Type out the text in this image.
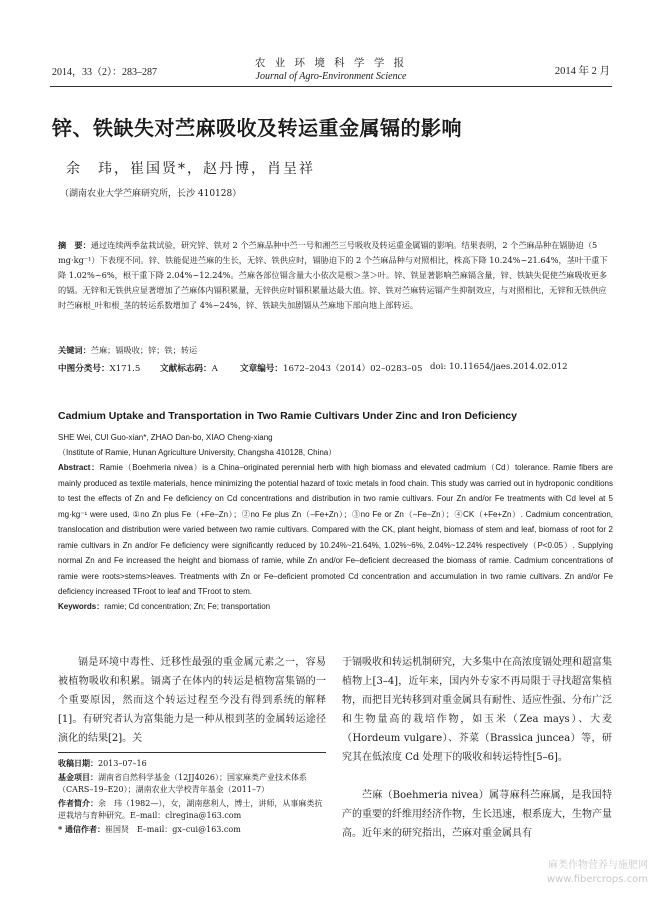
2014，33（2）：283–287
农 业 环 境 科 学 学 报
Journal of Agro-Environment Science	2014 年 2 月
锌、铁缺失对苎麻吸收及转运重金属镉的影响
余　玮，崔国贤*，赵丹博，肖呈祥
（湖南农业大学苎麻研究所，长沙 410128）
摘　要：通过连续两季盆栽试验，研究锌、铁对 2 个苎麻品种中苎一号和湘苎三号吸收及转运重金属镉的影响。结果表明，2 个苎麻品种在镉胁迫（5 mg·kg⁻¹）下表现不同。锌、铁能促进苎麻的生长，无锌、铁供应时，镉胁迫下的 2 个苎麻品种与对照相比，株高下降 10.24%~21.64%，茎叶干重下降 1.02%~6%，根干重下降 2.04%~12.24%。苎麻各部位镉含量大小依次是根＞茎＞叶。锌、铁显著影响苎麻镉含量，锌、铁缺失促使苎麻吸收更多的镉。无锌和无铁供应显著增加了苎麻体内镉积累量，无锌供应时镉积累量达最大值。锌、铁对苎麻转运镉产生抑制效应，与对照相比，无锌和无铁供应时苎麻根_叶和根_茎的转运系数增加了 4%~24%，锌、铁缺失加剧镉从苎麻地下部向地上部转运。
关键词：苎麻；镉吸收；锌；铁；转运
中图分类号：X171.5 文献标志码：A	文章编号：1672–2043（2014）02–0283–05 doi: 10.11654/jaes.2014.02.012
Cadmium Uptake and Transportation in Two Ramie Cultivars Under Zinc and Iron Deficiency
SHE Wei, CUI Guo-xian*, ZHAO Dan-bo, XIAO Cheng-xiang
（Institute of Ramie, Hunan Agriculture University, Changsha 410128, China）
Abstract：Ramie（Boehmeria nivea）is a China–originated perennial herb with high biomass and elevated cadmium（Cd）tolerance. Ramie fibers are mainly produced as textile materials, hence minimizing the potential hazard of toxic metals in food chain. This study was carried out in hydroponic conditions to test the effects of Zn and Fe deficiency on Cd concentrations and distribution in two ramie cultivars. Four Zn and/or Fe treatments with Cd level at 5 mg·kg⁻¹ were used, ①no Zn plus Fe（+Fe–Zn）；②no Fe plus Zn（–Fe+Zn）；③no Fe or Zn（–Fe–Zn）；④CK（+Fe+Zn）. Cadmium concentration, translocation and distribution were varied between two ramie cultivars. Compared with the CK, plant height, biomass of stem and leaf, biomass of root for 2 ramie cultivars in Zn and/or Fe deficiency were significantly reduced by 10.24%~21.64%, 1.02%~6%, 2.04%~12.24% respectively（P<0.05）. Supplying normal Zn and Fe increased the height and biomass of ramie, while Zn and/or Fe–deficient decreased the biomass of ramie. Cadmium concentrations of ramie were roots>stems>leaves. Treatments with Zn or Fe–deficient promoted Cd concentration and accumulation in two ramie cultivars. Zn and/or Fe deficiency increased TFroot to leaf and TFroot to stem.
Keywords：ramie; Cd concentration; Zn; Fe; transportation
镉是环境中毒性、迁移性最强的重金属元素之一，容易被植物吸收和积累。镉离子在体内的转运是植物富集镉的一个重要原因，然而这个转运过程至今没有得到系统的解释[1]。有研究者认为富集能力是一种从根到茎的金属转运途径演化的结果[2]。关
收稿日期：2013–07–16
基金项目：湖南省自然科学基金（12JJ4026）；国家麻类产业技术体系（CARS–19–E20）；湖南农业大学校青年基金（2011–7）
作者简介：余　玮（1982—），女，湖南慈利人，博士，讲师，从事麻类抗逆栽培与育种研究。E–mail：clregina@163.com
* 通信作者：崔国贤　E–mail：gx–cui@163.com
于镉吸收和转运机制研究，大多集中在高浓度镉处理和超富集植物上[3–4]，近年来，国内外专家不再局限于寻找超富集植物，而把目光转移到对重金属具有耐性、适应性强、分布广泛和生物量高的栽培作物，如玉米（Zea mays）、大麦（Hordeum vulgare）、芥菜（Brassica juncea）等，研究其在低浓度 Cd 处理下的吸收和转运特性[5–6]。
苎麻（Boehmeria nivea）属荨麻科苎麻属，是我国特产的重要的纤维用经济作物，生长迅速，根系庞大，生物产量高。近年来的研究指出，苎麻对重金属具有
麻类作物营养与施肥网
www.fibercrops.com
